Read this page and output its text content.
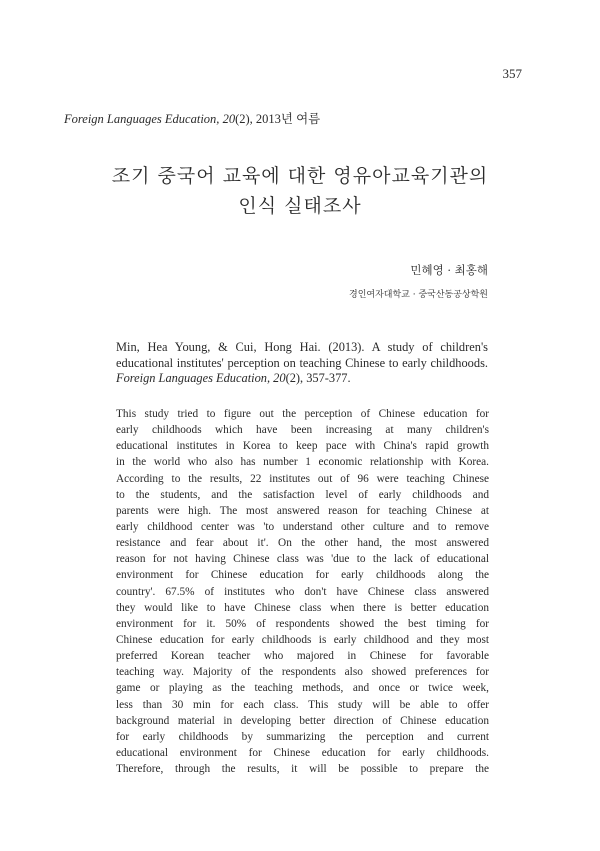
357
Foreign Languages Education, 20(2), 2013년 여름
조기 중국어 교육에 대한 영유아교육기관의
인식 실태조사
민혜영 · 최홍해
경인여자대학교 · 중국산동공상학원
Min, Hea Young, & Cui, Hong Hai. (2013). A study of children's educational institutes' perception on teaching Chinese to early childhoods. Foreign Languages Education, 20(2), 357-377.
This study tried to figure out the perception of Chinese education for
early childhoods which have been increasing at many children's
educational institutes in Korea to keep pace with China's rapid growth
in the world who also has number 1 economic relationship with Korea.
According to the results, 22 institutes out of 96 were teaching Chinese
to the students, and the satisfaction level of early childhoods and
parents were high. The most answered reason for teaching Chinese at
early childhood center was 'to understand other culture and to remove
resistance and fear about it'. On the other hand, the most answered
reason for not having Chinese class was 'due to the lack of educational
environment for Chinese education for early childhoods along the
country'. 67.5% of institutes who don't have Chinese class answered
they would like to have Chinese class when there is better education
environment for it. 50% of respondents showed the best timing for
Chinese education for early childhoods is early childhood and they most
preferred Korean teacher who majored in Chinese for favorable
teaching way. Majority of the respondents also showed preferences for
game or playing as the teaching methods, and once or twice week,
less than 30 min for each class. This study will be able to offer
background material in developing better direction of Chinese education
for early childhoods by summarizing the perception and current
educational environment for Chinese education for early childhoods.
Therefore, through the results, it will be possible to prepare the
